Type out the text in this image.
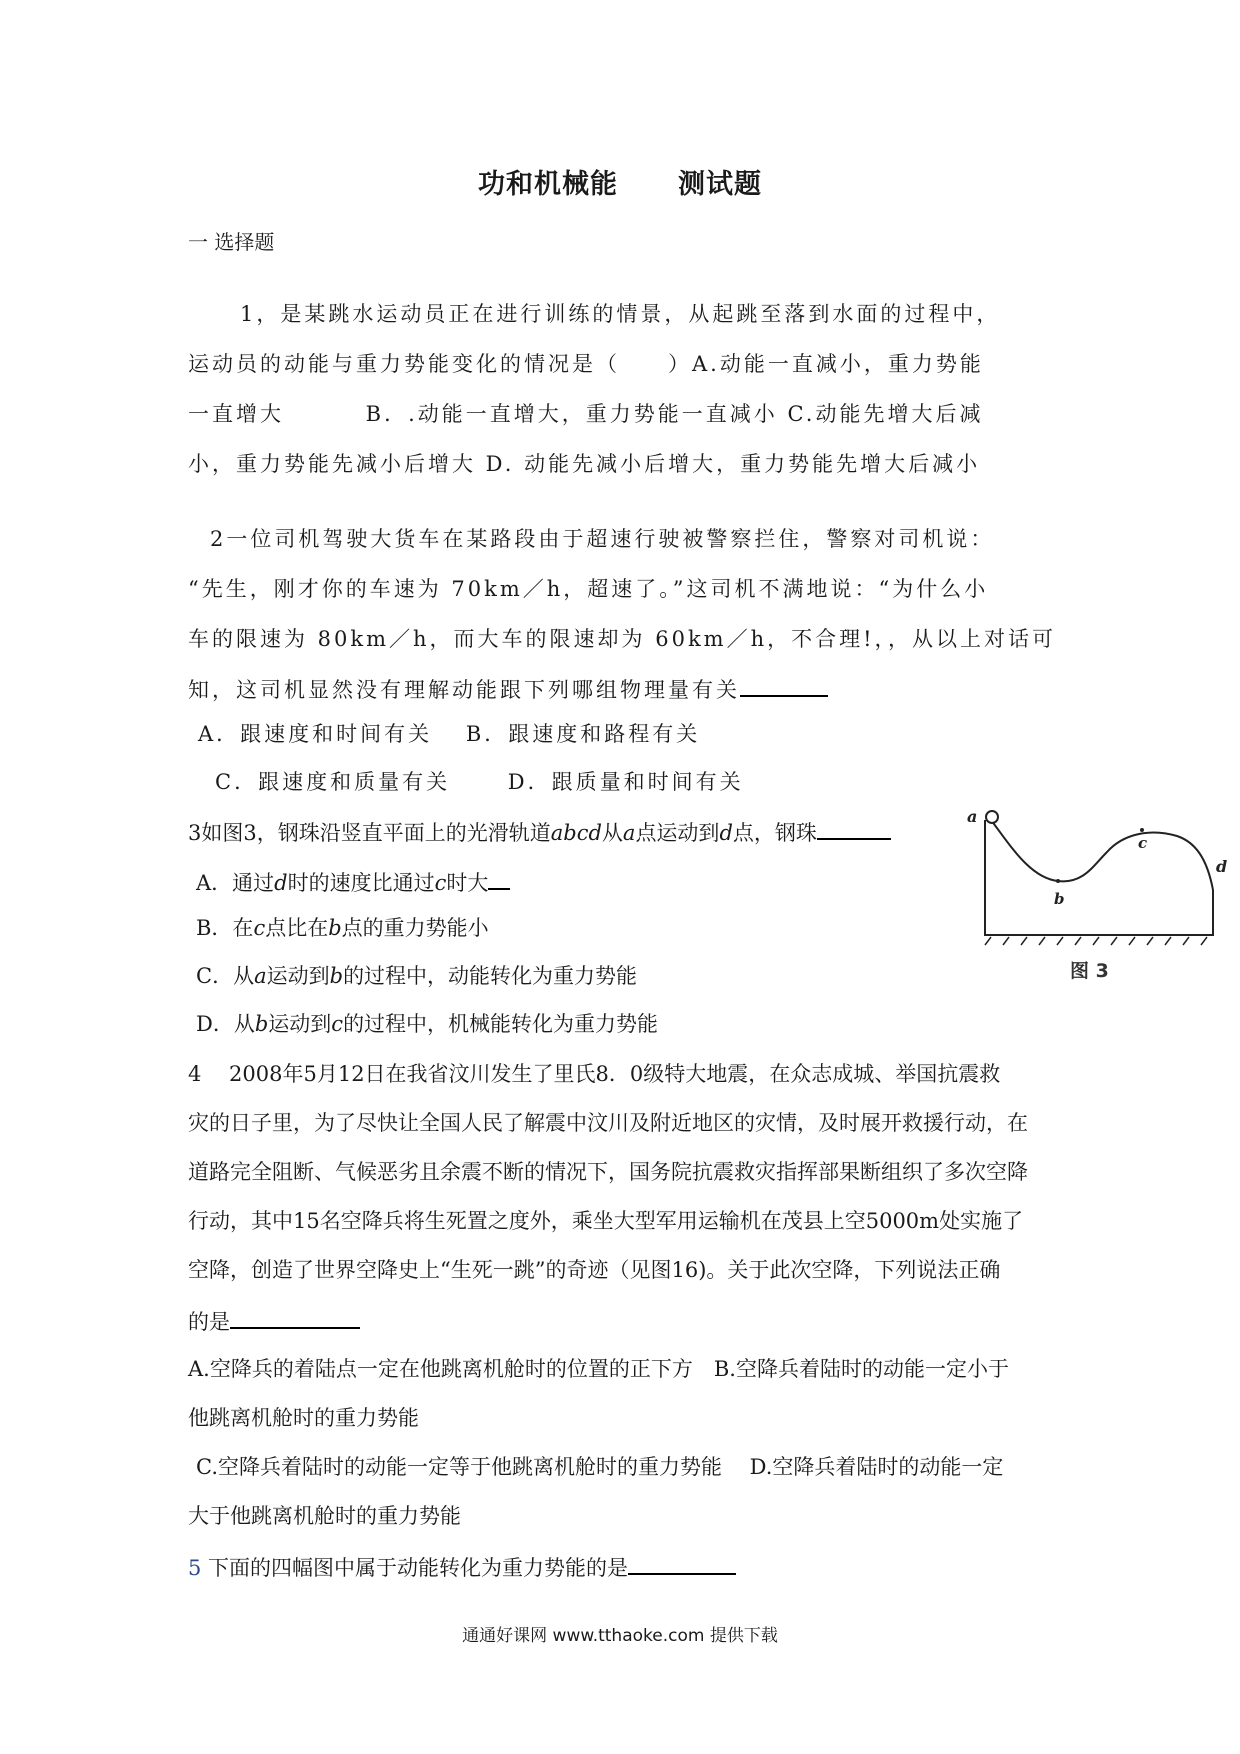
功和机械能 测试题
一 选择题
1，是某跳水运动员正在进行训练的情景，从起跳至落到水面的过程中，
运动员的动能与重力势能变化的情况是（　　）A.动能一直减小，重力势能
一直增大　　　 B．.动能一直增大，重力势能一直减小 C.动能先增大后减
小，重力势能先减小后增大 D. 动能先减小后增大，重力势能先增大后减小
2一位司机驾驶大货车在某路段由于超速行驶被警察拦住，警察对司机说：
“先生，刚才你的车速为 70km／h，超速了。”这司机不满地说：“为什么小
车的限速为 80km／h，而大车的限速却为 60km／h，不合理!，，从以上对话可
知，这司机显然没有理解动能跟下列哪组物理量有关
A．跟速度和时间有关　 B．跟速度和路程有关
C．跟速度和质量有关　　 D．跟质量和时间有关
3如图3，钢珠沿竖直平面上的光滑轨道abcd从a点运动到d点，钢珠
A．通过d时的速度比通过c时大
B．在c点比在b点的重力势能小
C．从a运动到b的过程中，动能转化为重力势能
D．从b运动到c的过程中，机械能转化为重力势能
a
b
c
d
图 3
4　 2008年5月12日在我省汶川发生了里氏8．0级特大地震，在众志成城、举国抗震救
灾的日子里，为了尽快让全国人民了解震中汶川及附近地区的灾情，及时展开救援行动，在
道路完全阻断、气候恶劣且余震不断的情况下，国务院抗震救灾指挥部果断组织了多次空降
行动，其中15名空降兵将生死置之度外，乘坐大型军用运输机在茂县上空5000m处实施了
空降，创造了世界空降史上“生死一跳”的奇迹（见图16)。关于此次空降，下列说法正确
的是
A.空降兵的着陆点一定在他跳离机舱时的位置的正下方　B.空降兵着陆时的动能一定小于
他跳离机舱时的重力势能
C.空降兵着陆时的动能一定等于他跳离机舱时的重力势能　 D.空降兵着陆时的动能一定
大于他跳离机舱时的重力势能
5 下面的四幅图中属于动能转化为重力势能的是
通通好课网 www.tthaoke.com 提供下载
